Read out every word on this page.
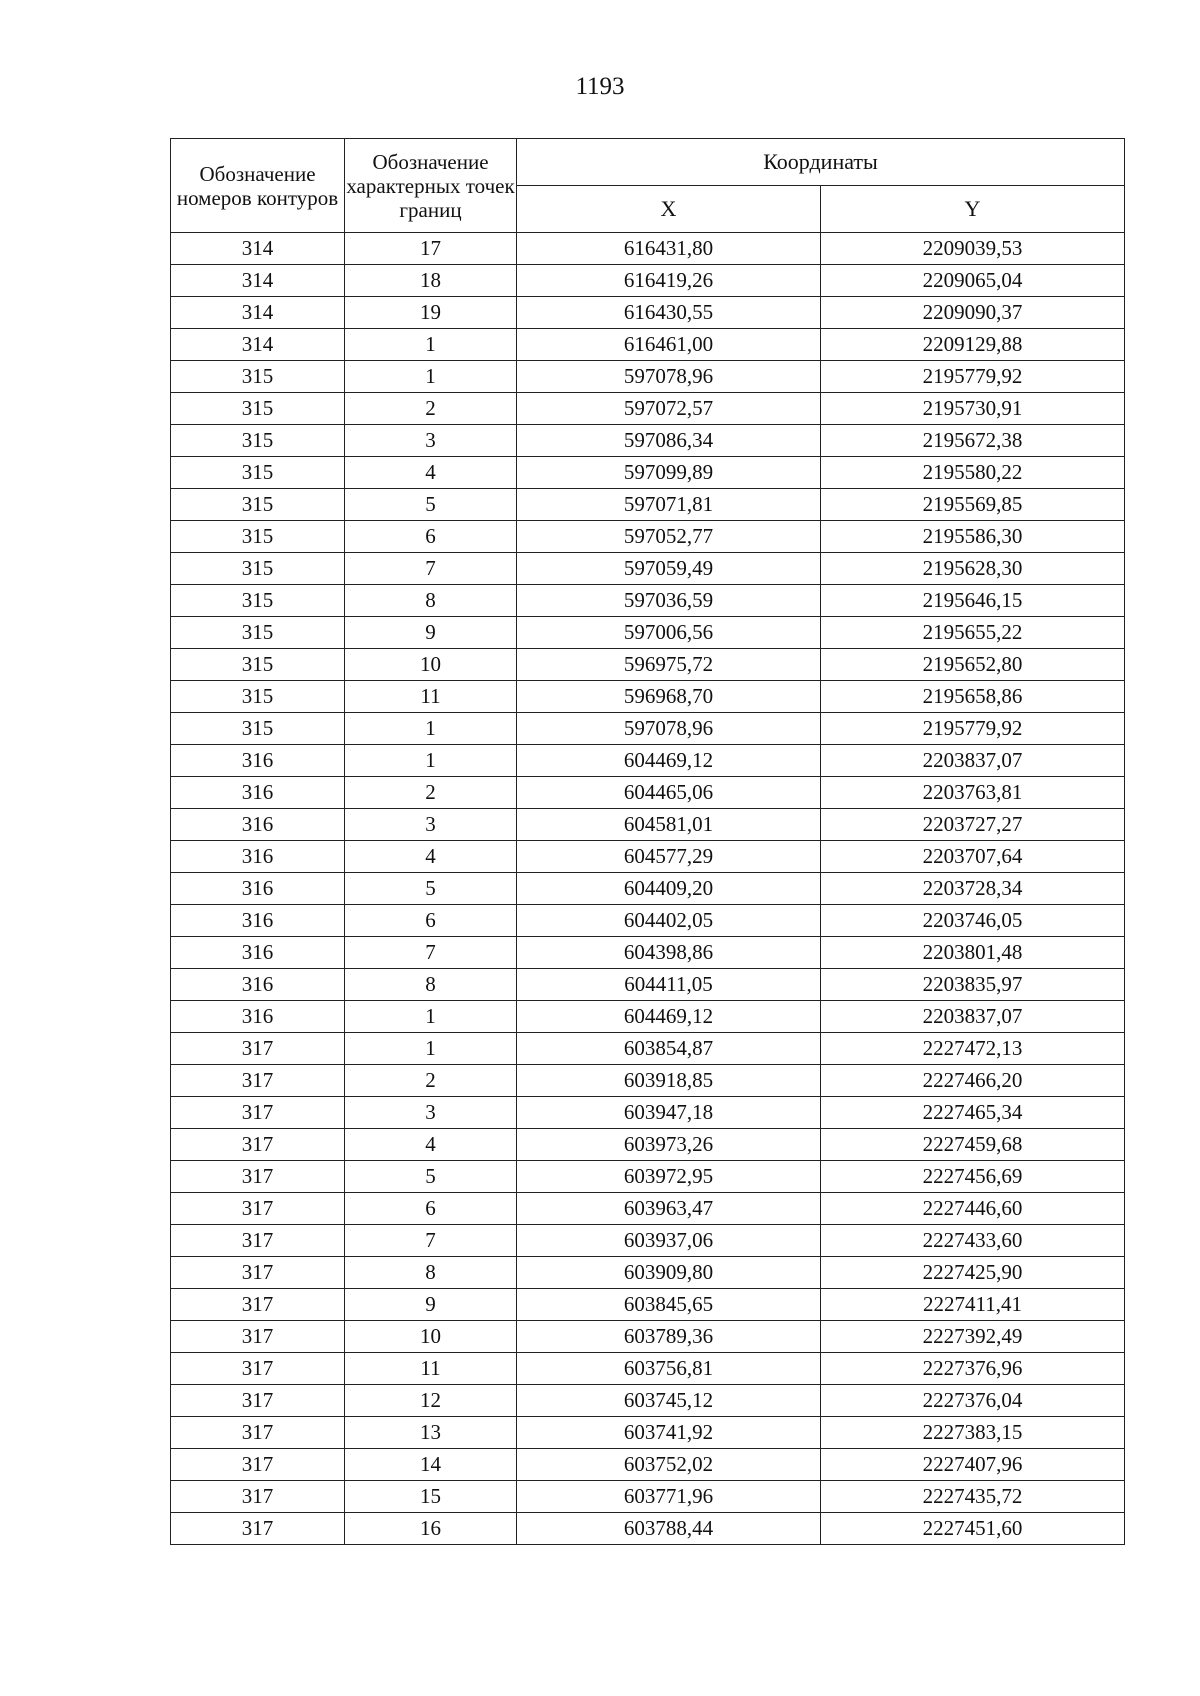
1193
Обозначение номеров контуров	Обозначение характерных точек границ	Координаты	
		X	Y
314	17	616431,80	2209039,53
314	18	616419,26	2209065,04
314	19	616430,55	2209090,37
314	1	616461,00	2209129,88
315	1	597078,96	2195779,92
315	2	597072,57	2195730,91
315	3	597086,34	2195672,38
315	4	597099,89	2195580,22
315	5	597071,81	2195569,85
315	6	597052,77	2195586,30
315	7	597059,49	2195628,30
315	8	597036,59	2195646,15
315	9	597006,56	2195655,22
315	10	596975,72	2195652,80
315	11	596968,70	2195658,86
315	1	597078,96	2195779,92
316	1	604469,12	2203837,07
316	2	604465,06	2203763,81
316	3	604581,01	2203727,27
316	4	604577,29	2203707,64
316	5	604409,20	2203728,34
316	6	604402,05	2203746,05
316	7	604398,86	2203801,48
316	8	604411,05	2203835,97
316	1	604469,12	2203837,07
317	1	603854,87	2227472,13
317	2	603918,85	2227466,20
317	3	603947,18	2227465,34
317	4	603973,26	2227459,68
317	5	603972,95	2227456,69
317	6	603963,47	2227446,60
317	7	603937,06	2227433,60
317	8	603909,80	2227425,90
317	9	603845,65	2227411,41
317	10	603789,36	2227392,49
317	11	603756,81	2227376,96
317	12	603745,12	2227376,04
317	13	603741,92	2227383,15
317	14	603752,02	2227407,96
317	15	603771,96	2227435,72
317	16	603788,44	2227451,60
